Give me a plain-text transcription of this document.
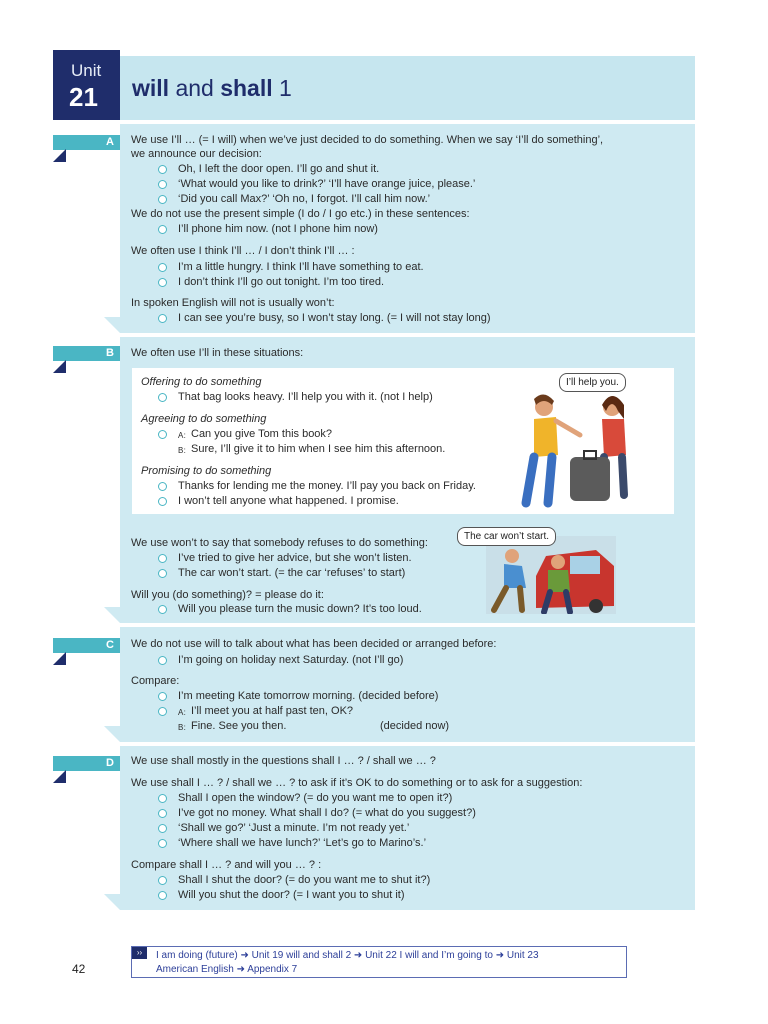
Unit
21 will and shall 1
A	We use I’ll … (= I will) when we’ve just decided to do something. When we say ‘I’ll do something’,
we announce our decision:
Oh, I left the door open. I’ll go and shut it.
‘What would you like to drink?’ ‘I’ll have orange juice, please.’
‘Did you call Max?’ ‘Oh no, I forgot. I’ll call him now.’
We do not use the present simple (I do / I go etc.) in these sentences:
I’ll phone him now. (not I phone him now)
We often use I think I’ll … / I don’t think I’ll … :
I’m a little hungry. I think I’ll have something to eat.
I don’t think I’ll go out tonight. I’m too tired.
In spoken English will not is usually won’t:
I can see you’re busy, so I won’t stay long. (= I will not stay long)
B	We often use I’ll in these situations:
Offering to do something
That bag looks heavy. I’ll help you with it. (not I help)
Agreeing to do something
A: Can you give Tom this book?
B: Sure, I’ll give it to him when I see him this afternoon.
Promising to do something
Thanks for lending me the money. I’ll pay you back on Friday.
I won’t tell anyone what happened. I promise.
I’ll help you.
We use won’t to say that somebody refuses to do something:
I’ve tried to give her advice, but she won’t listen.
The car won’t start. (= the car ‘refuses’ to start)
Will you (do something)? = please do it:
Will you please turn the music down? It’s too loud.
The car won’t start.
C	We do not use will to talk about what has been decided or arranged before:
I’m going on holiday next Saturday. (not I’ll go)
Compare:
I’m meeting Kate tomorrow morning. (decided before)
A: I’ll meet you at half past ten, OK?
B: Fine. See you then.	(decided now)
D	We use shall mostly in the questions shall I … ? / shall we … ?
We use shall I … ? / shall we … ? to ask if it’s OK to do something or to ask for a suggestion:
Shall I open the window? (= do you want me to open it?)
I’ve got no money. What shall I do? (= what do you suggest?)
‘Shall we go?’ ‘Just a minute. I’m not ready yet.’
‘Where shall we have lunch?’ ‘Let’s go to Marino’s.’
Compare shall I … ? and will you … ? :
Shall I shut the door? (= do you want me to shut it?)
Will you shut the door? (= I want you to shut it)
››	I am doing (future) ➜ Unit 19 will and shall 2 ➜ Unit 22 I will and I’m going to ➜ Unit 23
American English ➜ Appendix 7
42
